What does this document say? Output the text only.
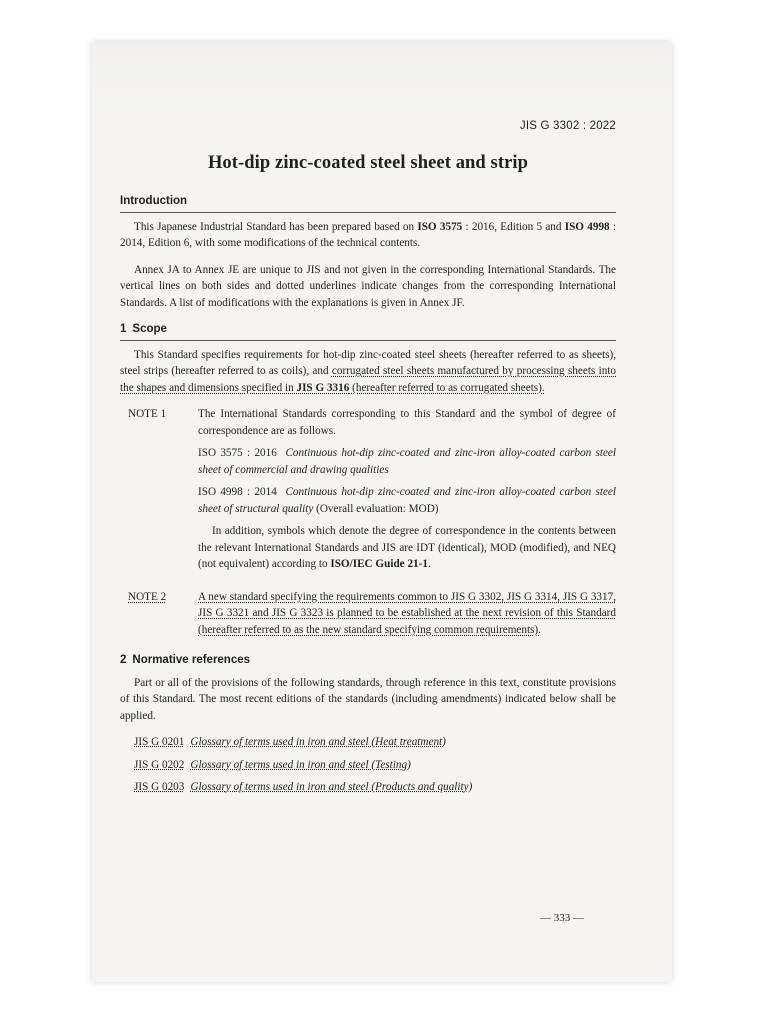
JIS G 3302 : 2022
Hot-dip zinc-coated steel sheet and strip
Introduction

This Japanese Industrial Standard has been prepared based on ISO 3575 : 2016, Edition 5 and ISO 4998 : 2014, Edition 6, with some modifications of the technical contents.

Annex JA to Annex JE are unique to JIS and not given in the corresponding International Standards. The vertical lines on both sides and dotted underlines indicate changes from the corresponding International Standards. A list of modifications with the explanations is given in Annex JF.

1 Scope

This Standard specifies requirements for hot-dip zinc-coated steel sheets (hereafter referred to as sheets), steel strips (hereafter referred to as coils), and corrugated steel sheets manufactured by processing sheets into the shapes and dimensions specified in JIS G 3316 (hereafter referred to as corrugated sheets).

NOTE 1	The International Standards corresponding to this Standard and the symbol of degree of correspondence are as follows.

ISO 3575 : 2016 Continuous hot-dip zinc-coated and zinc-iron alloy-coated carbon steel sheet of commercial and drawing qualities

ISO 4998 : 2014 Continuous hot-dip zinc-coated and zinc-iron alloy-coated carbon steel sheet of structural quality (Overall evaluation: MOD)

In addition, symbols which denote the degree of correspondence in the contents between the relevant International Standards and JIS are IDT (identical), MOD (modified), and NEQ (not equivalent) according to ISO/IEC Guide 21-1.

NOTE 2	A new standard specifying the requirements common to JIS G 3302, JIS G 3314, JIS G 3317, JIS G 3321 and JIS G 3323 is planned to be established at the next revision of this Standard (hereafter referred to as the new standard specifying common requirements).
2 Normative references

Part or all of the provisions of the following standards, through reference in this text, constitute provisions of this Standard. The most recent editions of the standards (including amendments) indicated below shall be applied.

JIS G 0201 Glossary of terms used in iron and steel (Heat treatment)
JIS G 0202 Glossary of terms used in iron and steel (Testing)
JIS G 0203 Glossary of terms used in iron and steel (Products and quality)
— 333 —
